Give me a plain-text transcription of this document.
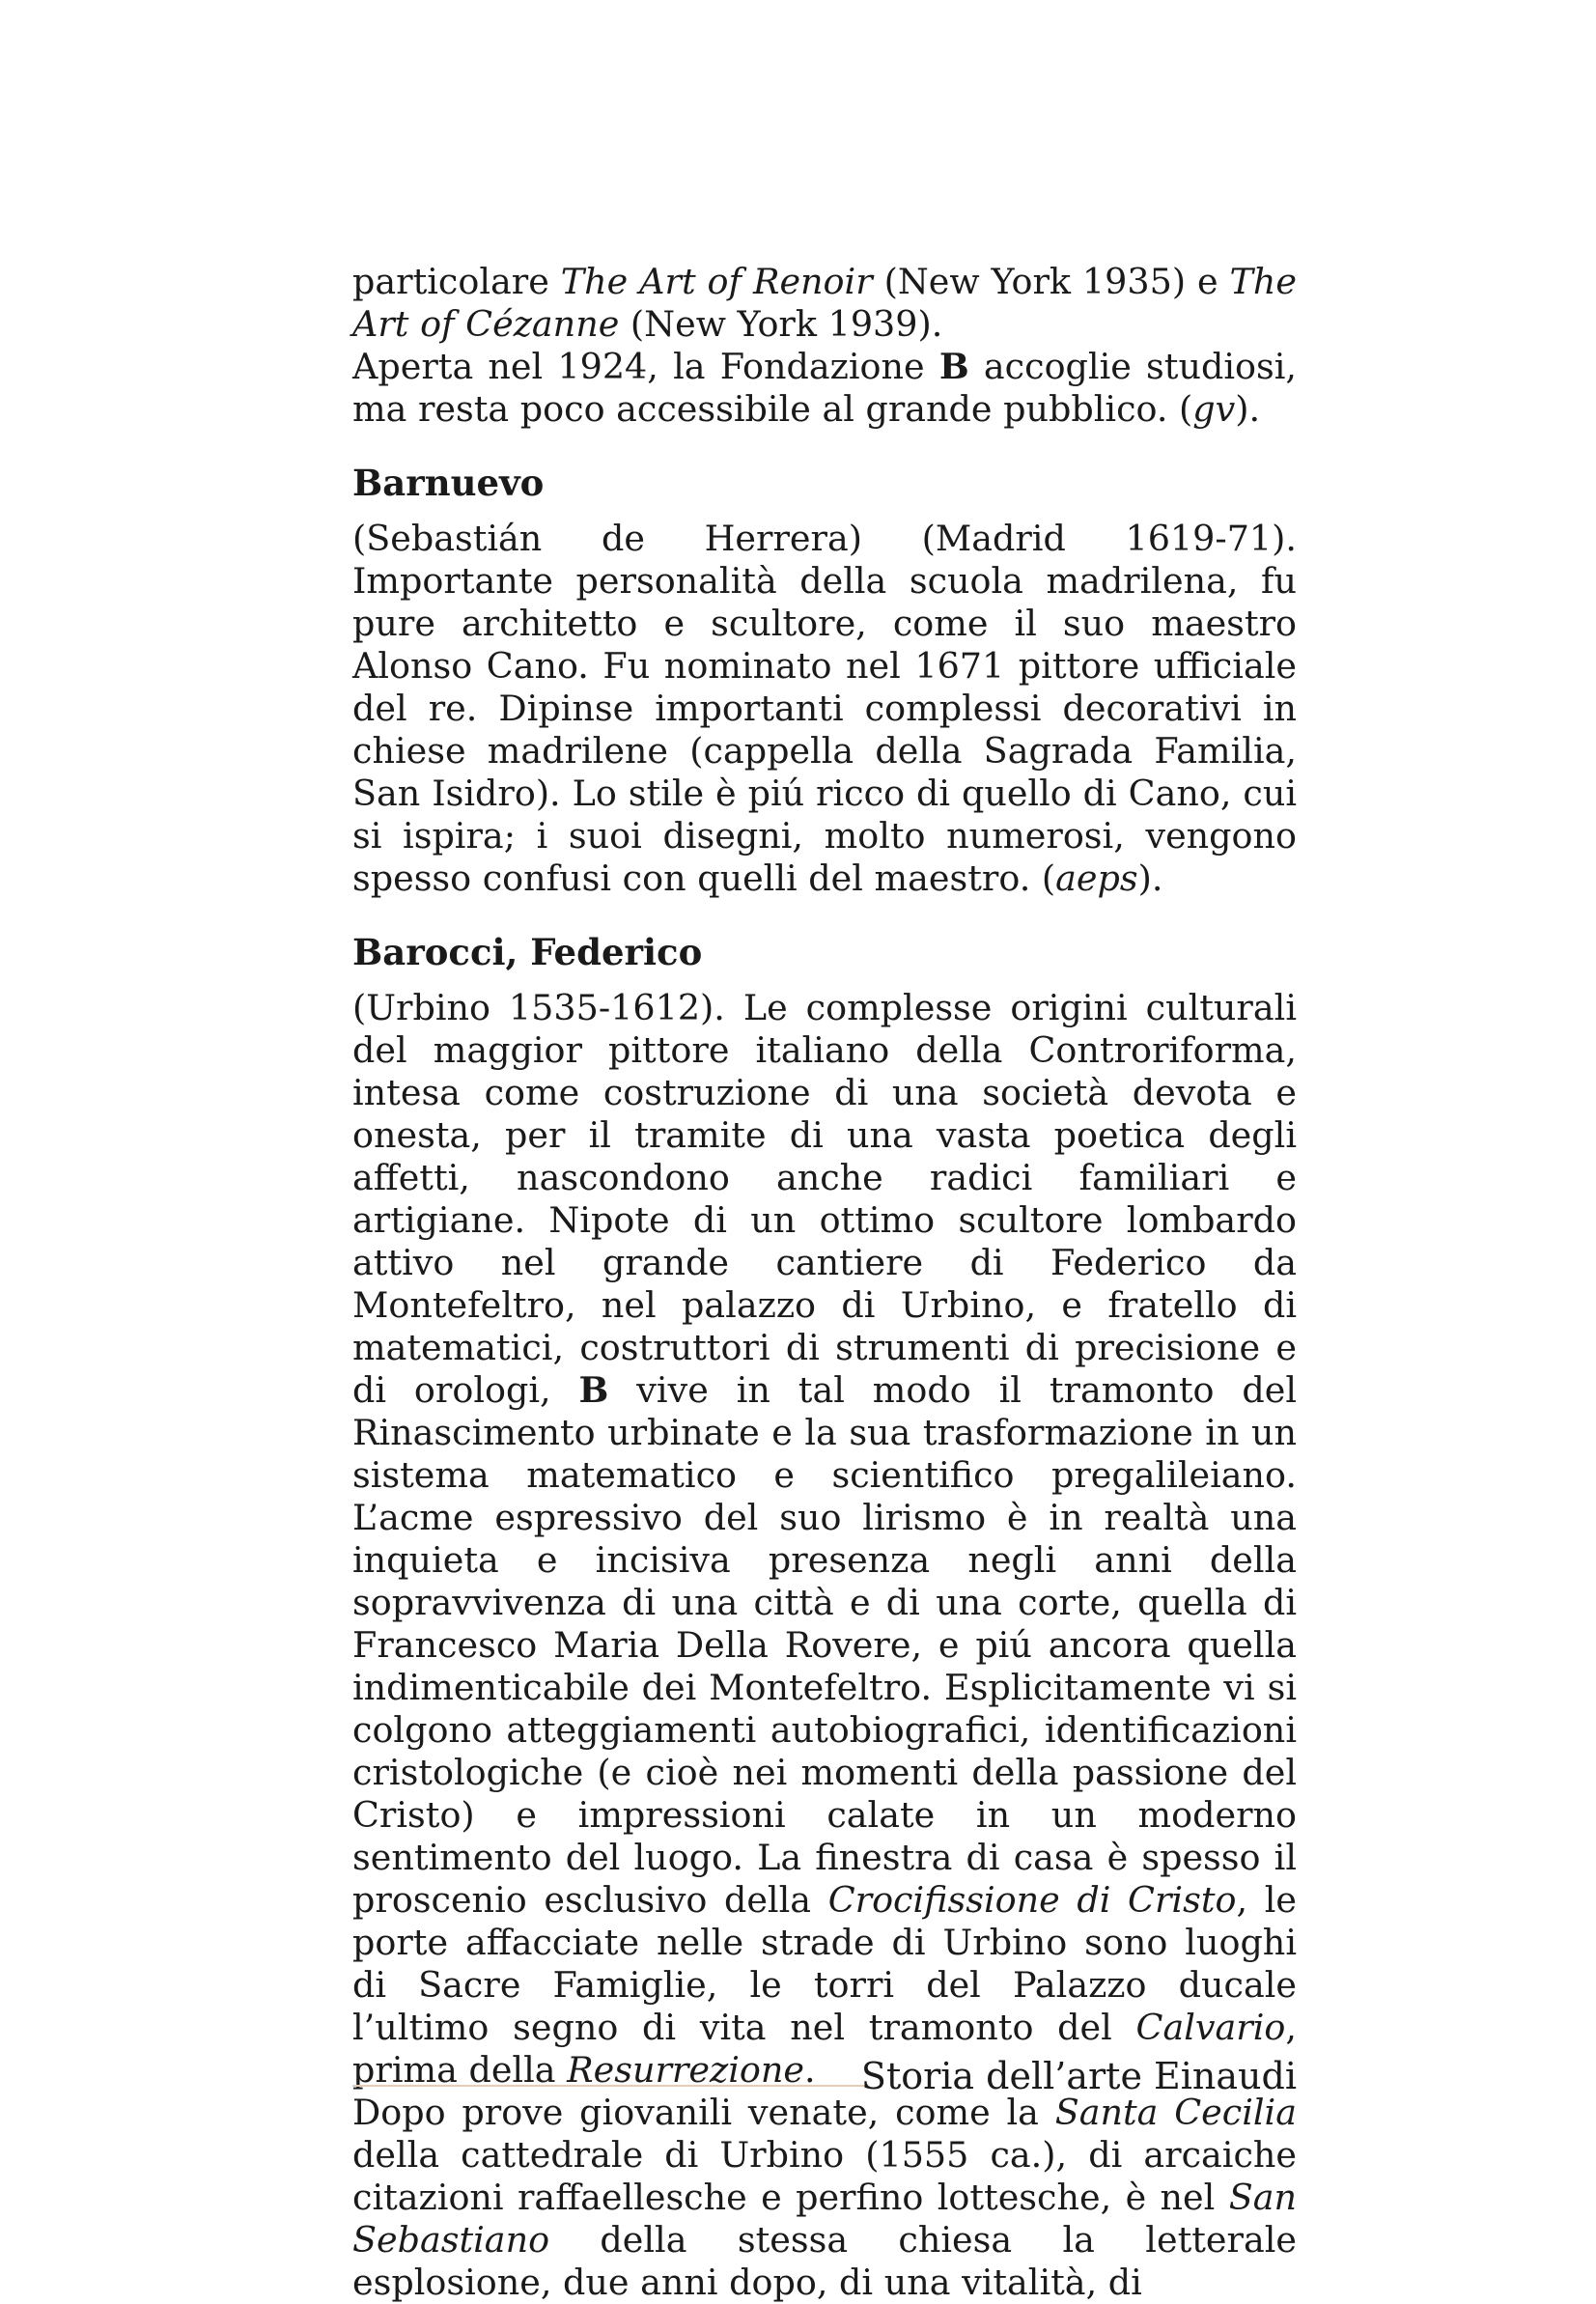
particolare The Art of Renoir (New York 1935) e The Art of Cézanne (New York 1939).

Aperta nel 1924, la Fondazione B accoglie studiosi, ma resta poco accessibile al grande pubblico. (gv).

Barnuevo

(Sebastián de Herrera) (Madrid 1619-71). Importante personalità della scuola madrilena, fu pure architetto e scultore, come il suo maestro Alonso Cano. Fu nominato nel 1671 pittore ufficiale del re. Dipinse importanti complessi decorativi in chiese madrilene (cappella della Sagrada Familia, San Isidro). Lo stile è piú ricco di quello di Cano, cui si ispira; i suoi disegni, molto numerosi, vengono spesso confusi con quelli del maestro. (aeps).

Barocci, Federico

(Urbino 1535-1612). Le complesse origini culturali del maggior pittore italiano della Controriforma, intesa come costruzione di una società devota e onesta, per il tramite di una vasta poetica degli affetti, nascondono anche radici familiari e artigiane. Nipote di un ottimo scultore lombardo attivo nel grande cantiere di Federico da Montefeltro, nel palazzo di Urbino, e fratello di matematici, costruttori di strumenti di precisione e di orologi, B vive in tal modo il tramonto del Rinascimento urbinate e la sua trasformazione in un sistema matematico e scientifico pregalileiano. L’acme espressivo del suo lirismo è in realtà una inquieta e incisiva presenza negli anni della sopravvivenza di una città e di una corte, quella di Francesco Maria Della Rovere, e piú ancora quella indimenticabile dei Montefeltro. Esplicitamente vi si colgono atteggiamenti autobiografici, identificazioni cristologiche (e cioè nei momenti della passione del Cristo) e impressioni calate in un moderno sentimento del luogo. La finestra di casa è spesso il proscenio esclusivo della Crocifissione di Cristo, le porte affacciate nelle strade di Urbino sono luoghi di Sacre Famiglie, le torri del Palazzo ducale l’ultimo segno di vita nel tramonto del Calvario, prima della Resurrezione.

Dopo prove giovanili venate, come la Santa Cecilia della cattedrale di Urbino (1555 ca.), di arcaiche citazioni raffaellesche e perfino lottesche, è nel San Sebastiano della stessa chiesa la letterale esplosione, due anni dopo, di una vitalità, di

Storia dell’arte Einaudi
